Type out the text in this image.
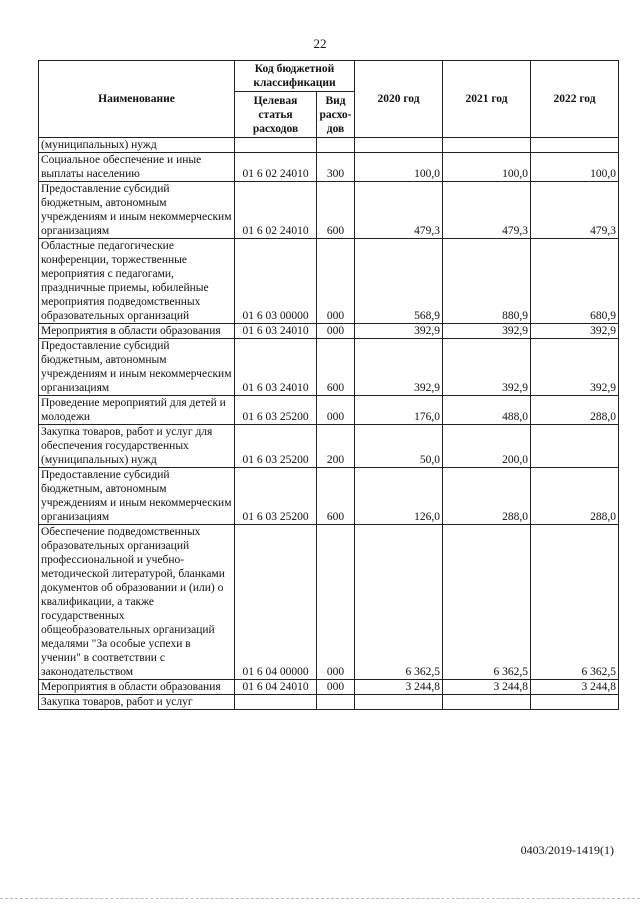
22
Наименование	Код бюджетной классификации		2020 год	2021 год	2022 год
	Целевая статья расходов	Вид расхо-дов			
(муниципальных) нужд					
Социальное обеспечение и иные выплаты населению	01 6 02 24010	300	100,0	100,0	100,0
Предоставление субсидий бюджетным, автономным учреждениям и иным некоммерческим организациям	01 6 02 24010	600	479,3	479,3	479,3
Областные педагогические конференции, торжественные мероприятия с педагогами, праздничные приемы, юбилейные мероприятия подведомственных образовательных организаций	01 6 03 00000	000	568,9	880,9	680,9
Мероприятия в области образования	01 6 03 24010	000	392,9	392,9	392,9
Предоставление субсидий бюджетным, автономным учреждениям и иным некоммерческим организациям	01 6 03 24010	600	392,9	392,9	392,9
Проведение мероприятий для детей и молодежи	01 6 03 25200	000	176,0	488,0	288,0
Закупка товаров, работ и услуг для обеспечения государственных (муниципальных) нужд	01 6 03 25200	200	50,0	200,0	
Предоставление субсидий бюджетным, автономным учреждениям и иным некоммерческим организациям	01 6 03 25200	600	126,0	288,0	288,0
Обеспечение подведомственных образовательных организаций профессиональной и учебно-методической литературой, бланками документов об образовании и (или) о квалификации, а также государственных общеобразовательных организаций медалями "За особые успехи в учении" в соответствии с законодательством	01 6 04 00000	000	6 362,5	6 362,5	6 362,5
Мероприятия в области образования	01 6 04 24010	000	3 244,8	3 244,8	3 244,8
Закупка товаров, работ и услуг					
0403/2019-1419(1)
